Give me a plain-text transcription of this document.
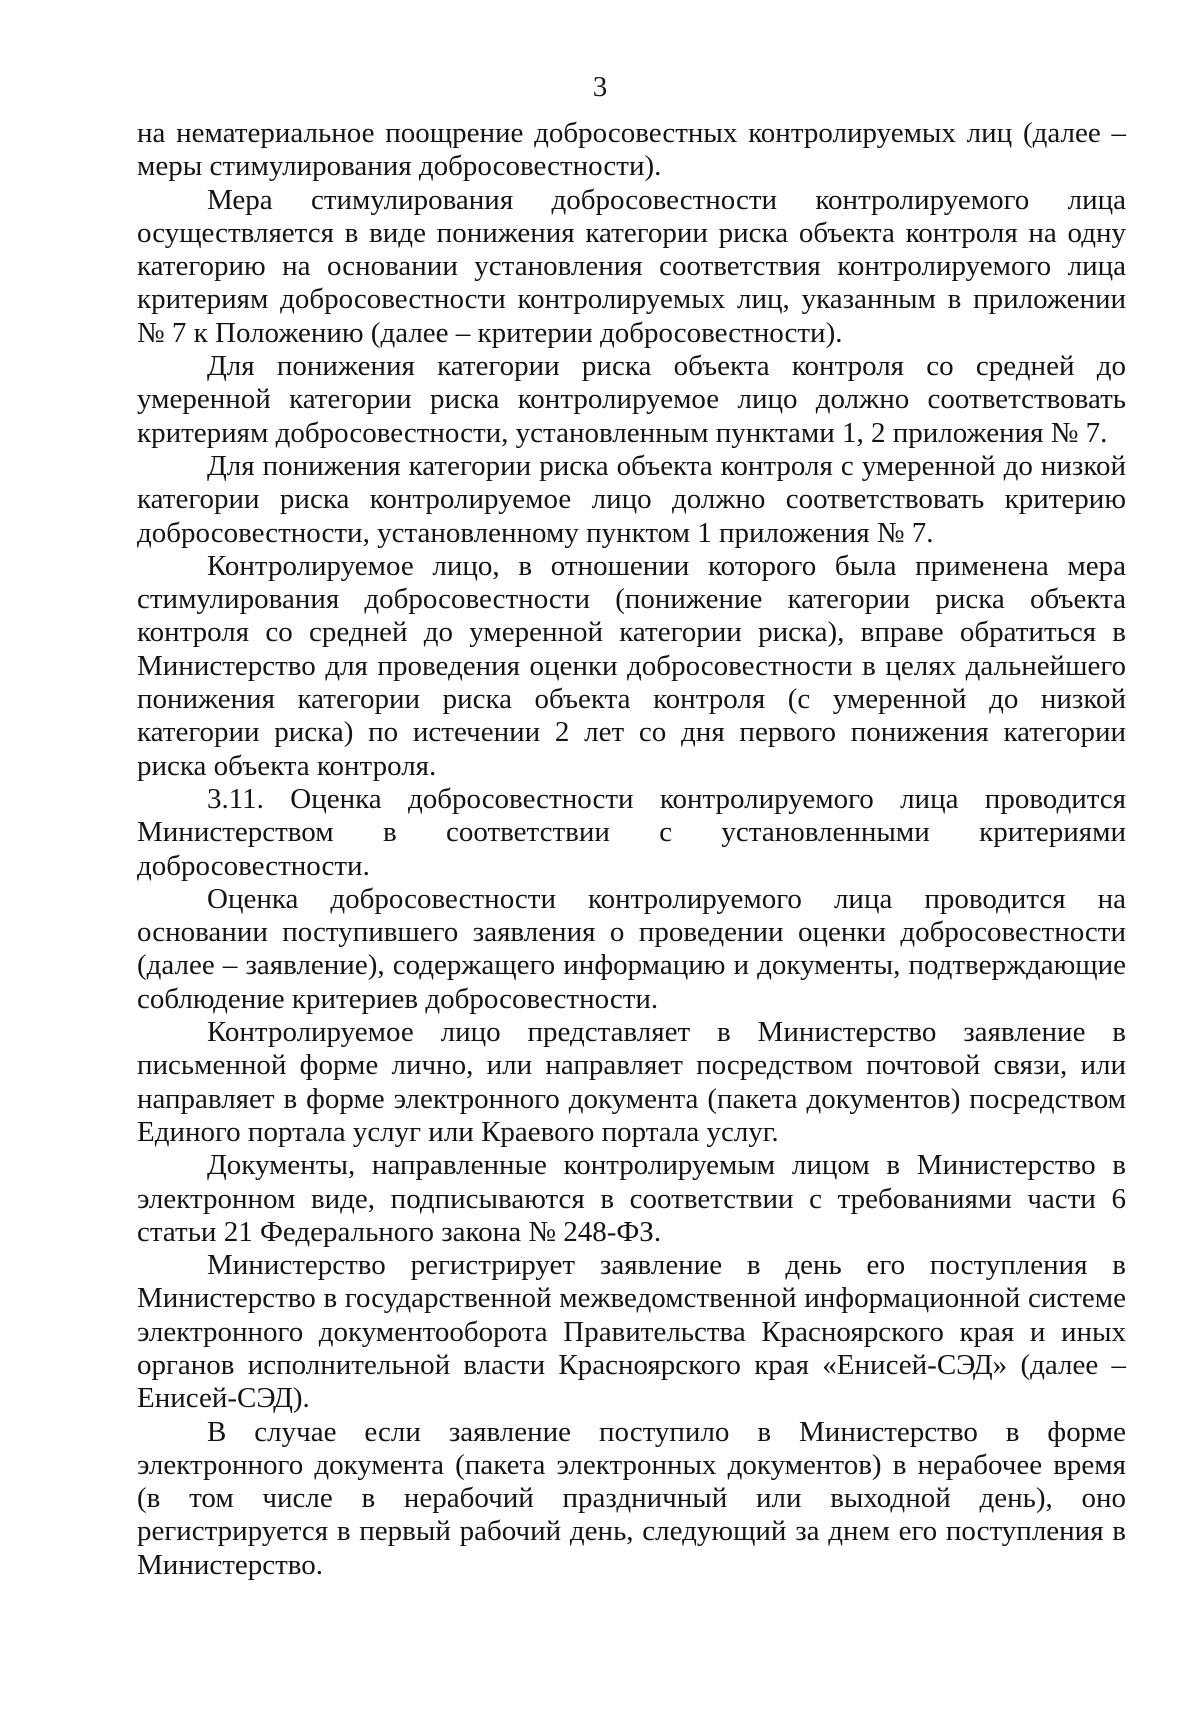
3

на нематериальное поощрение добросовестных контролируемых лиц (далее – меры стимулирования добросовестности).

Мера стимулирования добросовестности контролируемого лица осуществляется в виде понижения категории риска объекта контроля на одну категорию на основании установления соответствия контролируемого лица критериям добросовестности контролируемых лиц, указанным в приложении № 7 к Положению (далее – критерии добросовестности).

Для понижения категории риска объекта контроля со средней до умеренной категории риска контролируемое лицо должно соответствовать критериям добросовестности, установленным пунктами 1, 2 приложения № 7.

Для понижения категории риска объекта контроля с умеренной до низкой категории риска контролируемое лицо должно соответствовать критерию добросовестности, установленному пунктом 1 приложения № 7.

Контролируемое лицо, в отношении которого была применена мера стимулирования добросовестности (понижение категории риска объекта контроля со средней до умеренной категории риска), вправе обратиться в Министерство для проведения оценки добросовестности в целях дальнейшего понижения категории риска объекта контроля (с умеренной до низкой категории риска) по истечении 2 лет со дня первого понижения категории риска объекта контроля.

3.11. Оценка добросовестности контролируемого лица проводится Министерством в соответствии с установленными критериями добросовестности.

Оценка добросовестности контролируемого лица проводится на основании поступившего заявления о проведении оценки добросовестности (далее – заявление), содержащего информацию и документы, подтверждающие соблюдение критериев добросовестности.

Контролируемое лицо представляет в Министерство заявление в письменной форме лично, или направляет посредством почтовой связи, или направляет в форме электронного документа (пакета документов) посредством Единого портала услуг или Краевого портала услуг.

Документы, направленные контролируемым лицом в Министерство в электронном виде, подписываются в соответствии с требованиями части 6 статьи 21 Федерального закона № 248-ФЗ.

Министерство регистрирует заявление в день его поступления в Министерство в государственной межведомственной информационной системе электронного документооборота Правительства Красноярского края и иных органов исполнительной власти Красноярского края «Енисей-СЭД» (далее – Енисей-СЭД).

В случае если заявление поступило в Министерство в форме электронного документа (пакета электронных документов) в нерабочее время (в том числе в нерабочий праздничный или выходной день), оно регистрируется в первый рабочий день, следующий за днем его поступления в Министерство.
